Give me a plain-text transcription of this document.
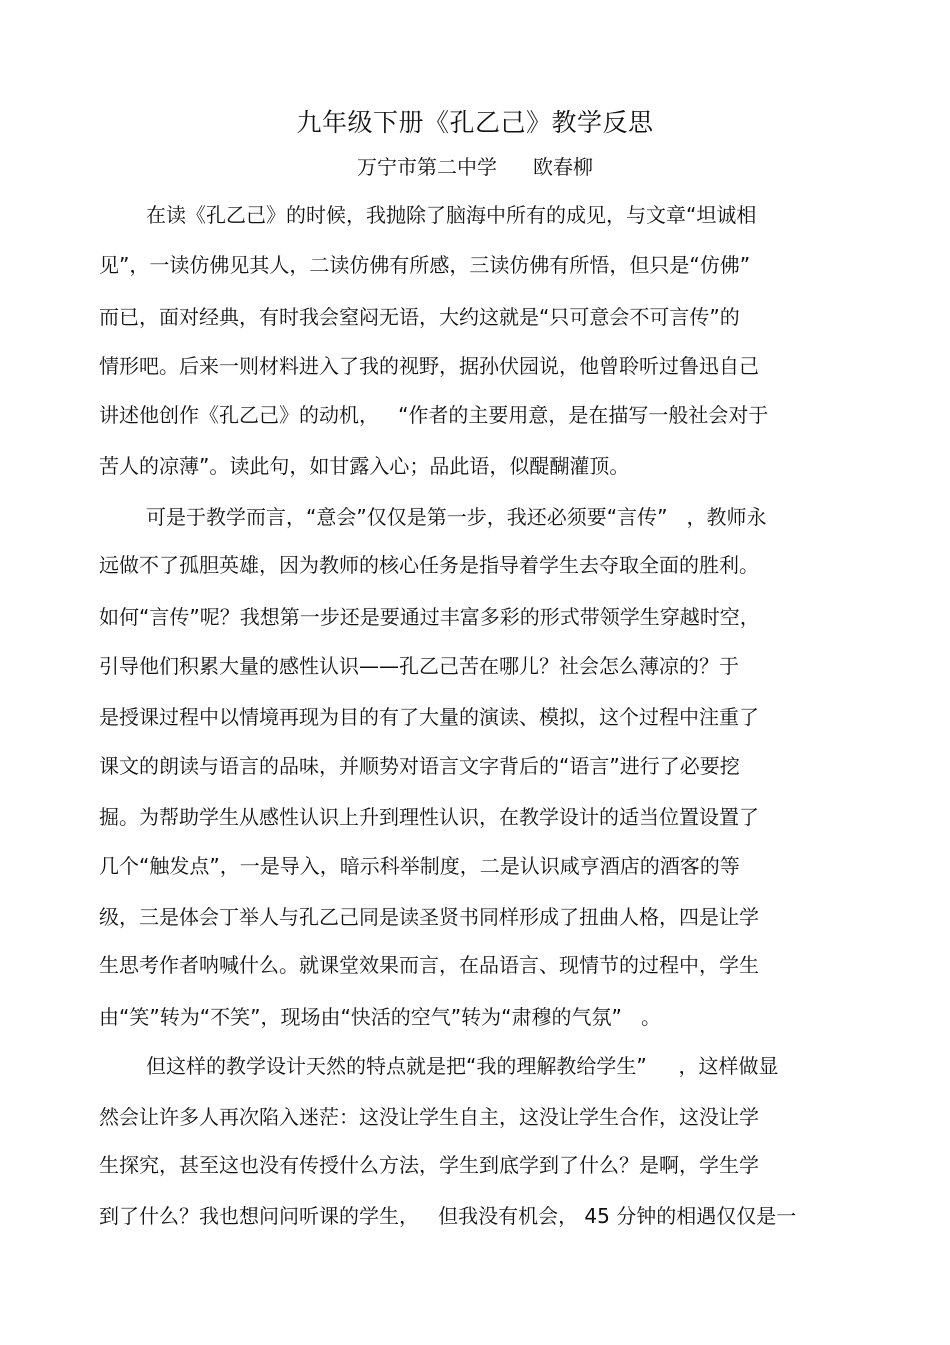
九年级下册《孔乙己》教学反思
万宁市第二中学 欧春柳
在读《孔乙己》的时候，我抛除了脑海中所有的成见，与文章“坦诚相
见”，一读仿佛见其人，二读仿佛有所感，三读仿佛有所悟，但只是“仿佛”
而已，面对经典，有时我会窒闷无语，大约这就是“只可意会不可言传”的
情形吧。后来一则材料进入了我的视野，据孙伏园说，他曾聆听过鲁迅自己
讲述他创作《孔乙己》的动机，   “作者的主要用意，是在描写一般社会对于
苦人的凉薄”。读此句，如甘露入心；品此语，似醍醐灌顶。
可是于教学而言，“意会”仅仅是第一步，我还必须要“言传”   ，教师永
远做不了孤胆英雄，因为教师的核心任务是指导着学生去夺取全面的胜利。
如何“言传”呢？我想第一步还是要通过丰富多彩的形式带领学生穿越时空，
引导他们积累大量的感性认识——孔乙己苦在哪儿？社会怎么薄凉的？于
是授课过程中以情境再现为目的有了大量的演读、模拟，这个过程中注重了
课文的朗读与语言的品味，并顺势对语言文字背后的“语言”进行了必要挖
掘。为帮助学生从感性认识上升到理性认识，在教学设计的适当位置设置了
几个“触发点”，一是导入，暗示科举制度，二是认识咸亨酒店的酒客的等
级，三是体会丁举人与孔乙己同是读圣贤书同样形成了扭曲人格，四是让学
生思考作者呐喊什么。就课堂效果而言，在品语言、现情节的过程中，学生
由“笑”转为“不笑”，现场由“快活的空气”转为“肃穆的气氛”   。
但这样的教学设计天然的特点就是把“我的理解教给学生”     ，这样做显
然会让许多人再次陷入迷茫：这没让学生自主，这没让学生合作，这没让学
生探究，甚至这也没有传授什么方法，学生到底学到了什么？是啊，学生学
到了什么？我也想问问听课的学生，   但我没有机会， 45 分钟的相遇仅仅是一
